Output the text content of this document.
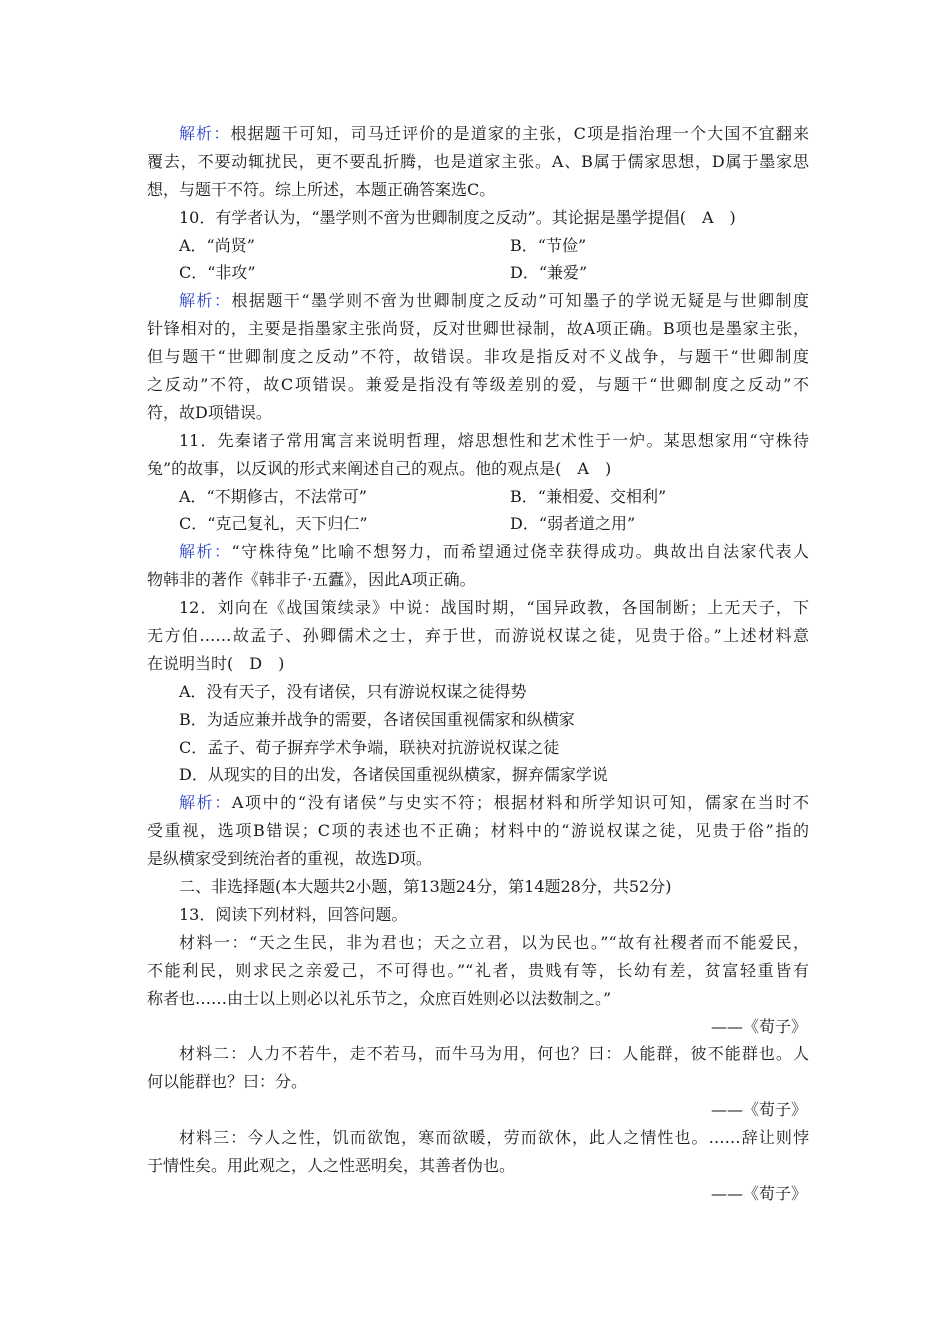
解析：根据题干可知，司马迁评价的是道家的主张，C项是指治理一个大国不宜翻来
覆去，不要动辄扰民，更不要乱折腾，也是道家主张。A、B属于儒家思想，D属于墨家思
想，与题干不符。综上所述，本题正确答案选C。
10．有学者认为，“墨学则不啻为世卿制度之反动”。其论据是墨学提倡(　A　)
A．“尚贤”	B．“节俭”
C．“非攻”	D．“兼爱”
解析：根据题干“墨学则不啻为世卿制度之反动”可知墨子的学说无疑是与世卿制度
针锋相对的，主要是指墨家主张尚贤，反对世卿世禄制，故A项正确。B项也是墨家主张，
但与题干“世卿制度之反动”不符，故错误。非攻是指反对不义战争，与题干“世卿制度
之反动”不符，故C项错误。兼爱是指没有等级差别的爱，与题干“世卿制度之反动”不
符，故D项错误。
11．先秦诸子常用寓言来说明哲理，熔思想性和艺术性于一炉。某思想家用“守株待
兔”的故事，以反讽的形式来阐述自己的观点。他的观点是(　A　)
A．“不期修古，不法常可”	B．“兼相爱、交相利”
C．“克己复礼，天下归仁”	D．“弱者道之用”
解析：“守株待兔”比喻不想努力，而希望通过侥幸获得成功。典故出自法家代表人
物韩非的著作《韩非子·五蠹》，因此A项正确。
12．刘向在《战国策续录》中说：战国时期，“国异政教，各国制断；上无天子，下
无方伯……故孟子、孙卿儒术之士，弃于世，而游说权谋之徒，见贵于俗。”上述材料意
在说明当时(　D　)
A．没有天子，没有诸侯，只有游说权谋之徒得势
B．为适应兼并战争的需要，各诸侯国重视儒家和纵横家
C．孟子、荀子摒弃学术争端，联袂对抗游说权谋之徒
D．从现实的目的出发，各诸侯国重视纵横家，摒弃儒家学说
解析：A项中的“没有诸侯”与史实不符；根据材料和所学知识可知，儒家在当时不
受重视，选项B错误；C项的表述也不正确；材料中的“游说权谋之徒，见贵于俗”指的
是纵横家受到统治者的重视，故选D项。
二、非选择题(本大题共2小题，第13题24分，第14题28分，共52分)
13．阅读下列材料，回答问题。
材料一：“天之生民，非为君也；天之立君，以为民也。”“故有社稷者而不能爱民，
不能利民，则求民之亲爱己，不可得也。”“礼者，贵贱有等，长幼有差，贫富轻重皆有
称者也……由士以上则必以礼乐节之，众庶百姓则必以法数制之。”
——《荀子》
材料二：人力不若牛，走不若马，而牛马为用，何也？曰：人能群，彼不能群也。人
何以能群也？曰：分。
——《荀子》
材料三：今人之性，饥而欲饱，寒而欲暖，劳而欲休，此人之情性也。……辞让则悖
于情性矣。用此观之，人之性恶明矣，其善者伪也。
——《荀子》
